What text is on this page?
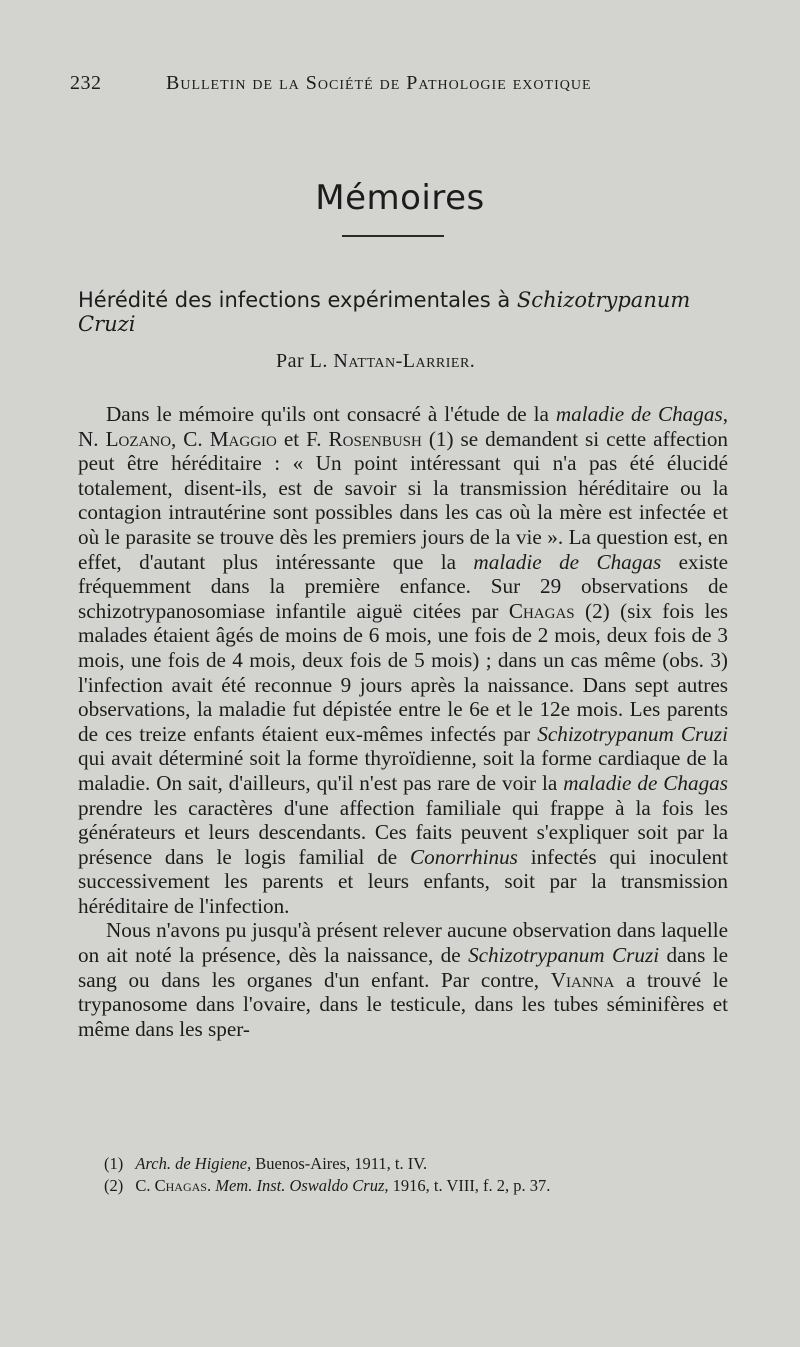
232	Bulletin de la Société de Pathologie exotique
Mémoires
Hérédité des infections expérimentales à Schizotrypanum Cruzi
Par L. Nattan-Larrier.

Dans le mémoire qu'ils ont consacré à l'étude de la maladie de Chagas, N. Lozano, C. Maggio et F. Rosenbush (1) se demandent si cette affection peut être héréditaire : « Un point intéressant qui n'a pas été élucidé totalement, disent-ils, est de savoir si la transmission héréditaire ou la contagion intrautérine sont possibles dans les cas où la mère est infectée et où le parasite se trouve dès les premiers jours de la vie ». La question est, en effet, d'autant plus intéressante que la maladie de Chagas existe fréquemment dans la première enfance. Sur 29 observations de schizotrypanosomiase infantile aiguë citées par Chagas (2) (six fois les malades étaient âgés de moins de 6 mois, une fois de 2 mois, deux fois de 3 mois, une fois de 4 mois, deux fois de 5 mois) ; dans un cas même (obs. 3) l'infection avait été reconnue 9 jours après la naissance. Dans sept autres observations, la maladie fut dépistée entre le 6e et le 12e mois. Les parents de ces treize enfants étaient eux-mêmes infectés par Schizotrypanum Cruzi qui avait déterminé soit la forme thyroïdienne, soit la forme cardiaque de la maladie. On sait, d'ailleurs, qu'il n'est pas rare de voir la maladie de Chagas prendre les caractères d'une affection familiale qui frappe à la fois les générateurs et leurs descendants. Ces faits peuvent s'expliquer soit par la présence dans le logis familial de Conorrhinus infectés qui inoculent successivement les parents et leurs enfants, soit par la transmission héréditaire de l'infection.

Nous n'avons pu jusqu'à présent relever aucune observation dans laquelle on ait noté la présence, dès la naissance, de Schizotrypanum Cruzi dans le sang ou dans les organes d'un enfant. Par contre, Vianna a trouvé le trypanosome dans l'ovaire, dans le testicule, dans les tubes séminifères et même dans les sper-

(1) Arch. de Higiene, Buenos-Aires, 1911, t. IV.

(2) C. Chagas. Mem. Inst. Oswaldo Cruz, 1916, t. VIII, f. 2, p. 37.
